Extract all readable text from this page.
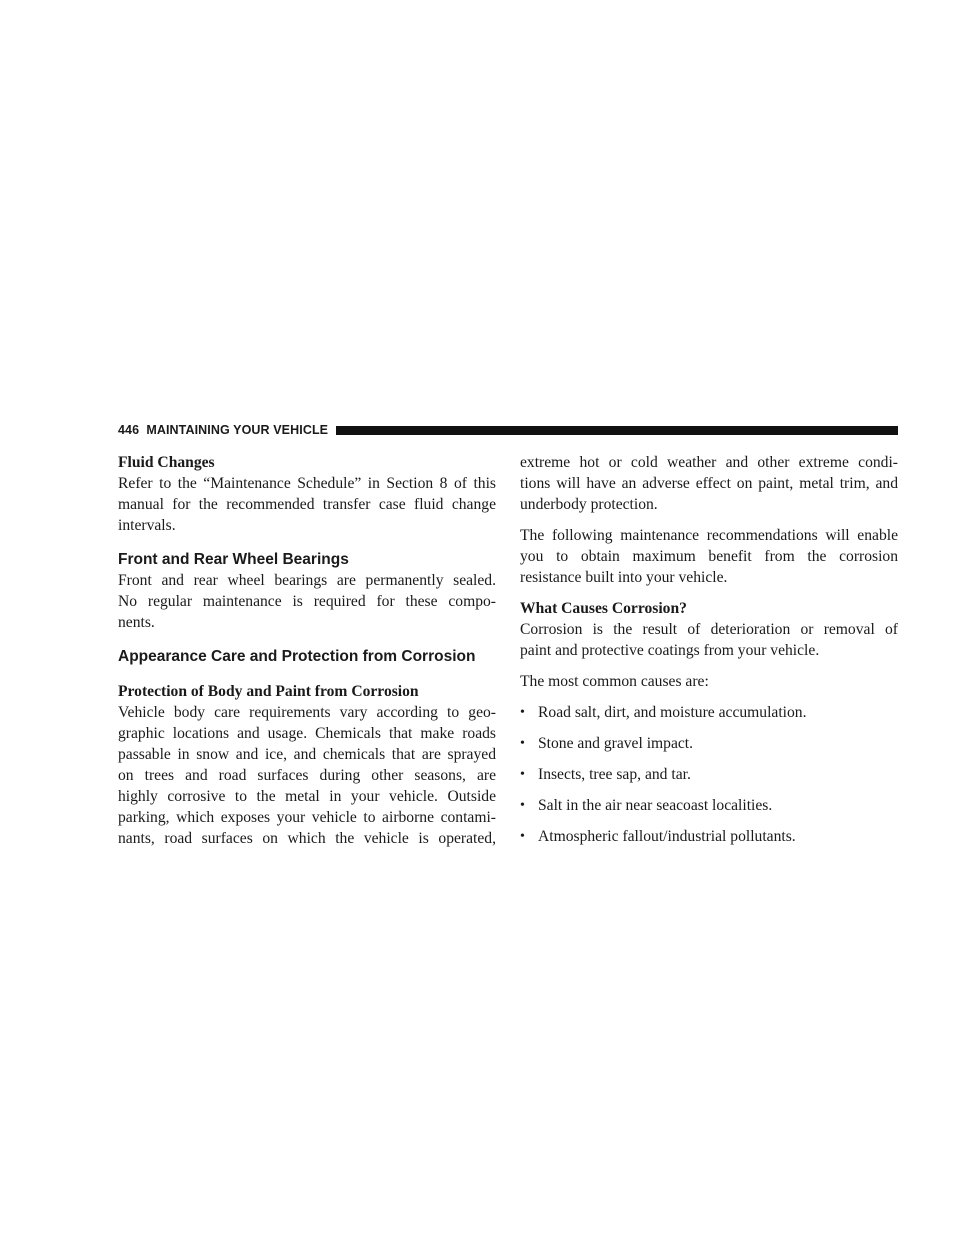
446 MAINTAINING YOUR VEHICLE
Fluid Changes
Refer to the “Maintenance Schedule” in Section 8 of this
manual for the recommended transfer case fluid change
intervals.
Front and Rear Wheel Bearings
Front and rear wheel bearings are permanently sealed.
No regular maintenance is required for these compo-
nents.
Appearance Care and Protection from Corrosion
Protection of Body and Paint from Corrosion
Vehicle body care requirements vary according to geo-
graphic locations and usage. Chemicals that make roads
passable in snow and ice, and chemicals that are sprayed
on trees and road surfaces during other seasons, are
highly corrosive to the metal in your vehicle. Outside
parking, which exposes your vehicle to airborne contami-
nants, road surfaces on which the vehicle is operated,
extreme hot or cold weather and other extreme condi-
tions will have an adverse effect on paint, metal trim, and
underbody protection.
The following maintenance recommendations will enable
you to obtain maximum benefit from the corrosion
resistance built into your vehicle.
What Causes Corrosion?
Corrosion is the result of deterioration or removal of
paint and protective coatings from your vehicle.

The most common causes are:

• Road salt, dirt, and moisture accumulation.
• Stone and gravel impact.
• Insects, tree sap, and tar.
• Salt in the air near seacoast localities.
• Atmospheric fallout/industrial pollutants.
